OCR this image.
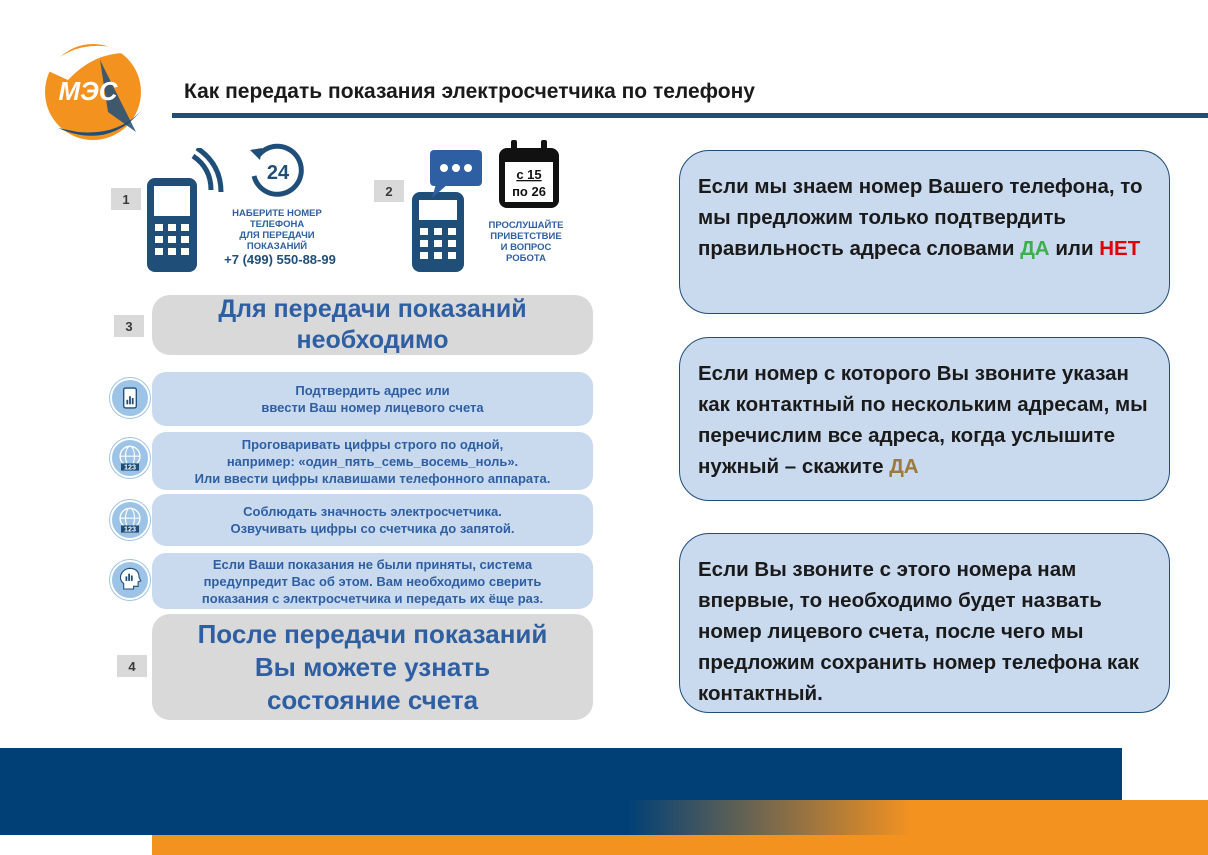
МЭС	Как передать показания электросчетчика по телефону
1
24
НАБЕРИТЕ НОМЕР
ТЕЛЕФОНА
ДЛЯ ПЕРЕДАЧИ
ПОКАЗАНИЙ
+7 (499) 550-88-99
2
с 15
по 26
ПРОСЛУШАЙТЕ
ПРИВЕТСТВИЕ
И ВОПРОС
РОБОТА
3
Для передачи показаний
необходимо
Подтвердить адрес или
ввести Ваш номер лицевого счета
123
Проговаривать цифры строго по одной,
например: «один_пять_семь_восемь_ноль».
Или ввести цифры клавишами телефонного аппарата.
123
Соблюдать значность электросчетчика.
Озвучивать цифры со счетчика до запятой.
Если Ваши показания не были приняты, система
предупредит Вас об этом. Вам необходимо сверить
показания с электросчетчика и передать их ёще раз.
4
После передачи показаний
Вы можете узнать
состояние счета
Если мы знаем номер Вашего телефона, то мы предложим только подтвердить правильность адреса словами ДА или НЕТ
Если номер с которого Вы звоните указан как контактный по нескольким адресам, мы перечислим все адреса, когда услышите нужный – скажите ДА
Если Вы звоните с этого номера нам впервые, то необходимо будет назвать номер лицевого счета, после чего мы предложим сохранить номер телефона как контактный.
